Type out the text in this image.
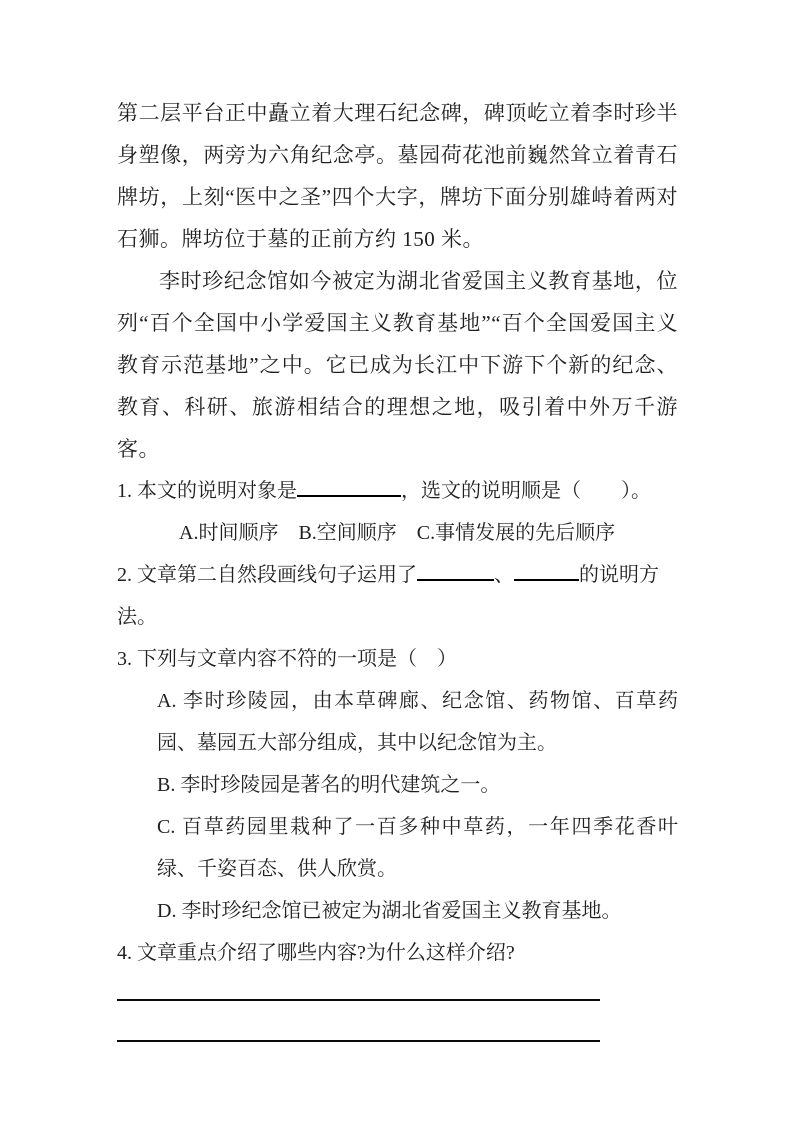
第二层平台正中矗立着大理石纪念碑，碑顶屹立着李时珍半身塑像，两旁为六角纪念亭。墓园荷花池前巍然耸立着青石牌坊，上刻“医中之圣”四个大字，牌坊下面分别雄峙着两对石狮。牌坊位于墓的正前方约 150 米。

李时珍纪念馆如今被定为湖北省爱国主义教育基地，位列“百个全国中小学爱国主义教育基地”“百个全国爱国主义教育示范基地”之中。它已成为长江中下游下个新的纪念、教育、科研、旅游相结合的理想之地，吸引着中外万千游客。

1. 本文的说明对象是	，选文的说明顺是（　　）。
A.时间顺序 B.空间顺序 C.事情发展的先后顺序
2. 文章第二自然段画线句子运用了	、	的说明方法。
3. 下列与文章内容不符的一项是（　）
A. 李时珍陵园，由本草碑廊、纪念馆、药物馆、百草药园、墓园五大部分组成，其中以纪念馆为主。
B. 李时珍陵园是著名的明代建筑之一。
C. 百草药园里栽种了一百多种中草药，一年四季花香叶绿、千姿百态、供人欣赏。
D. 李时珍纪念馆已被定为湖北省爱国主义教育基地。
4. 文章重点介绍了哪些内容?为什么这样介绍?
